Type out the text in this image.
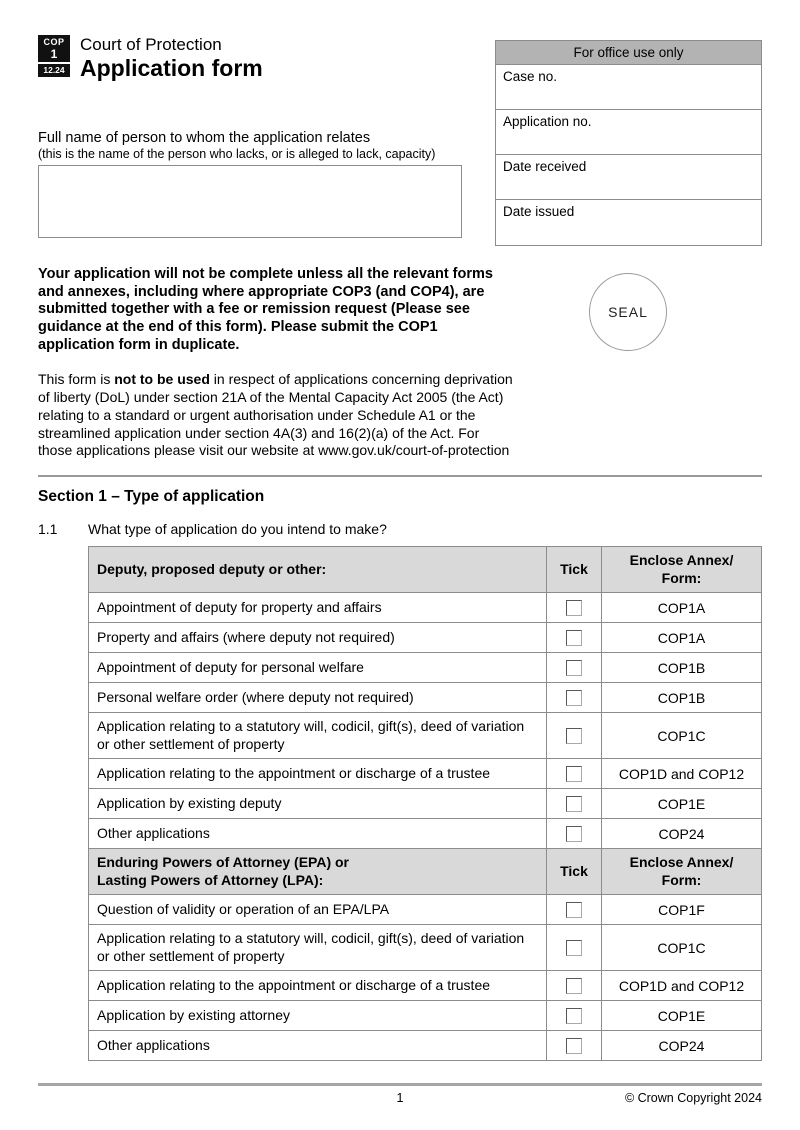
COP
1
12.24
Court of Protection
Application form
For office use only
Case no.
Application no.
Date received
Date issued
Full name of person to whom the application relates
(this is the name of the person who lacks, or is alleged to lack, capacity)

Your application will not be complete unless all the relevant forms and annexes, including where appropriate COP3 (and COP4), are submitted together with a fee or remission request (Please see guidance at the end of this form). Please submit the COP1 application form in duplicate.

SEAL

This form is not to be used in respect of applications concerning deprivation of liberty (DoL) under section 21A of the Mental Capacity Act 2005 (the Act) relating to a standard or urgent authorisation under Schedule A1 or the streamlined application under section 4A(3) and 16(2)(a) of the Act. For those applications please visit our website at www.gov.uk/court-of-protection

Section 1 – Type of application
1.1	What type of application do you intend to make?
Deputy, proposed deputy or other:	Tick	Enclose Annex/
Form:
Appointment of deputy for property and affairs		COP1A
Property and affairs (where deputy not required)		COP1A
Appointment of deputy for personal welfare		COP1B
Personal welfare order (where deputy not required)		COP1B
Application relating to a statutory will, codicil, gift(s), deed of variation or other settlement of property		COP1C
Application relating to the appointment or discharge of a trustee		COP1D and COP12
Application by existing deputy		COP1E
Other applications		COP24
Enduring Powers of Attorney (EPA) or
Lasting Powers of Attorney (LPA):	Tick	Enclose Annex/
Form:
Question of validity or operation of an EPA/LPA		COP1F
Application relating to a statutory will, codicil, gift(s), deed of variation or other settlement of property		COP1C
Application relating to the appointment or discharge of a trustee		COP1D and COP12
Application by existing attorney		COP1E
Other applications		COP24
1	© Crown Copyright 2024
